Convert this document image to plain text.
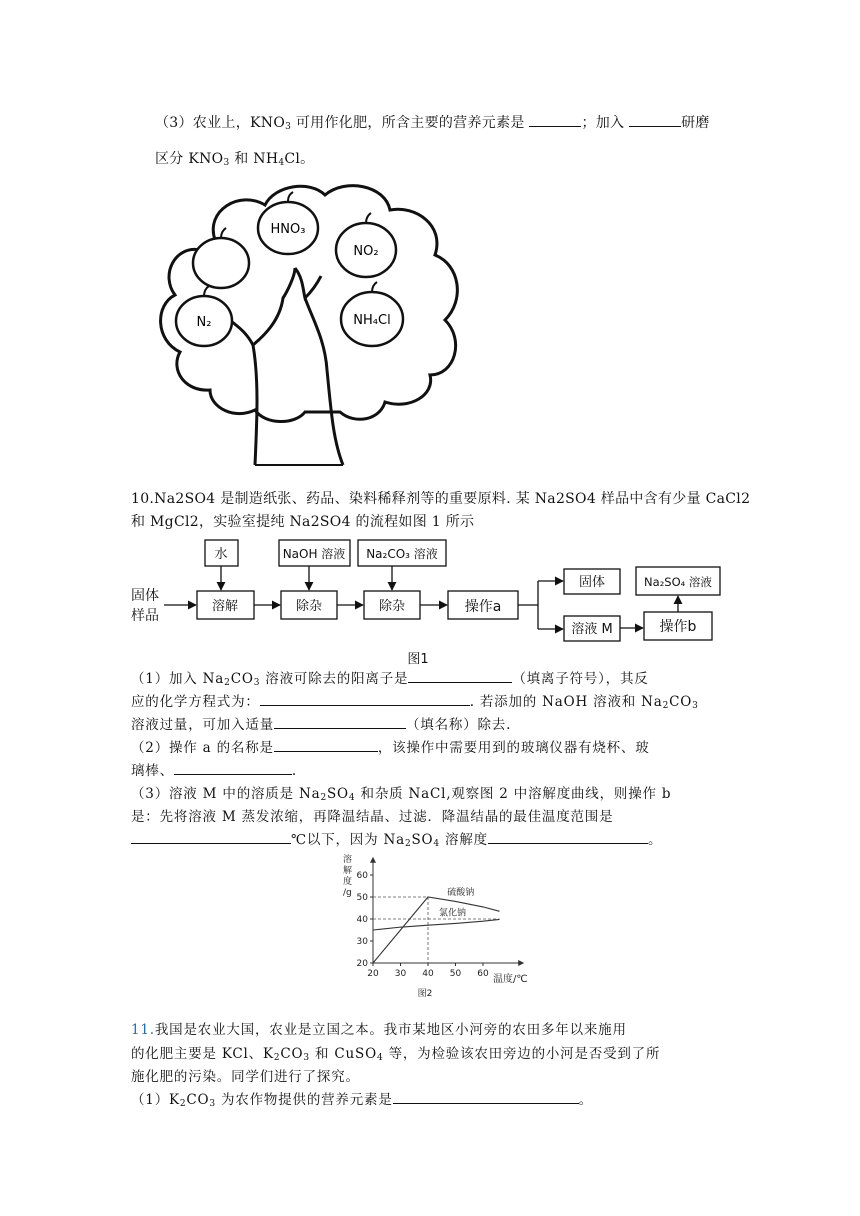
（3）农业上，$KNO_3$ 可用作化肥，所含主要的营养元素是	；加入	研磨
区分 $KNO_3$ 和 $NH_4Cl$。
HNO₃
NO₂
N₂	NH₄Cl
10.Na2SO4 是制造纸张、药品、染料稀释剂等的重要原料. 某 Na2SO4 样品中含有少量 CaCl2
和 MgCl2，实验室提纯 Na2SO4 的流程如图 1 所示
水	NaOH 溶液 Na₂CO₃ 溶液
固体
样品
溶解	除杂	除杂	操作a
固体
溶液 M
Na₂SO₄ 溶液
操作b
图1
（1）加入 $Na_2CO_3$ 溶液可除去的阳离子是	（填离子符号），其反
应的化学方程式为：	. 若添加的 NaOH 溶液和 $Na_2CO_3$
溶液过量，可加入适量	（填名称）除去.
（2）操作 a 的名称是	，该操作中需要用到的玻璃仪器有烧杯、玻
璃棒、	.
（3）溶液 M 中的溶质是 $Na_2SO_4$ 和杂质 NaCl,观察图 2 中溶解度曲线，则操作 b
是：先将溶液 M 蒸发浓缩，再降温结晶、过滤．降温结晶的最佳温度范围是
℃以下，因为 $Na_2SO_4$ 溶解度	。
20
30
40
50
60
20 30 40 50 60
硫酸钠
氯化钠
溶
解
度
/g
温度/℃
图2
11.我国是农业大国，农业是立国之本。我市某地区小河旁的农田多年以来施用
的化肥主要是 KCl、$K_2CO_3$ 和 CuSO$_4$ 等，为检验该农田旁边的小河是否受到了所
施化肥的污染。同学们进行了探究。
$(1)K_2CO_3$ 为农作物提供的营养元素是	。
